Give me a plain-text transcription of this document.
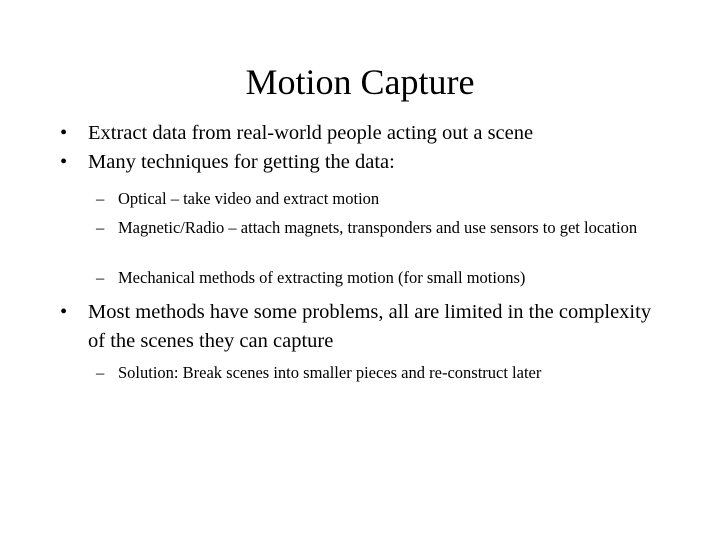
Motion Capture
• Extract data from real-world people acting out a scene
• Many techniques for getting the data:
– Optical – take video and extract motion
– Magnetic/Radio – attach magnets, transponders and use sensors to get location
– Mechanical methods of extracting motion (for small motions)
• Most methods have some problems, all are limited in the complexity of the scenes they can capture
– Solution: Break scenes into smaller pieces and re-construct later
